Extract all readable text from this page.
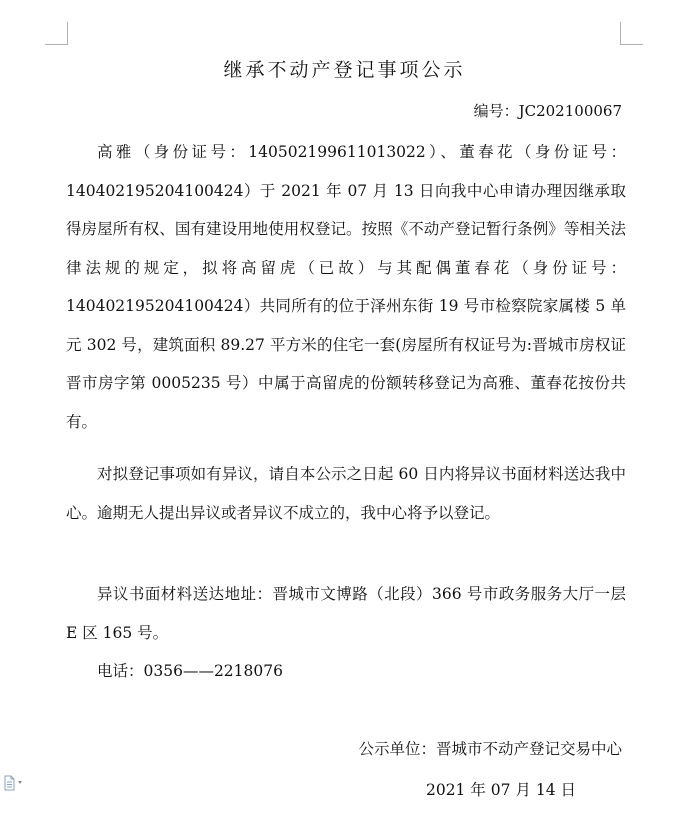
继承不动产登记事项公示
编号：JC202100067

高雅（身份证号：140502199611013022）、董春花（身份证号：140402195204100424）于 2021 年 07 月 13 日向我中心申请办理因继承取得房屋所有权、国有建设用地使用权登记。按照《不动产登记暂行条例》等相关法律法规的规定，拟将高留虎（已故）与其配偶董春花（身份证号：140402195204100424）共同所有的位于泽州东街 19 号市检察院家属楼 5 单元 302 号，建筑面积 89.27 平方米的住宅一套(房屋所有权证号为:晋城市房权证晋市房字第 0005235 号）中属于高留虎的份额转移登记为高雅、董春花按份共有。

对拟登记事项如有异议，请自本公示之日起 60 日内将异议书面材料送达我中心。逾期无人提出异议或者异议不成立的，我中心将予以登记。

异议书面材料送达地址：晋城市文博路（北段）366 号市政务服务大厅一层 E 区 165 号。

电话：0356——2218076

公示单位：晋城市不动产登记交易中心
2021 年 07 月 14 日
